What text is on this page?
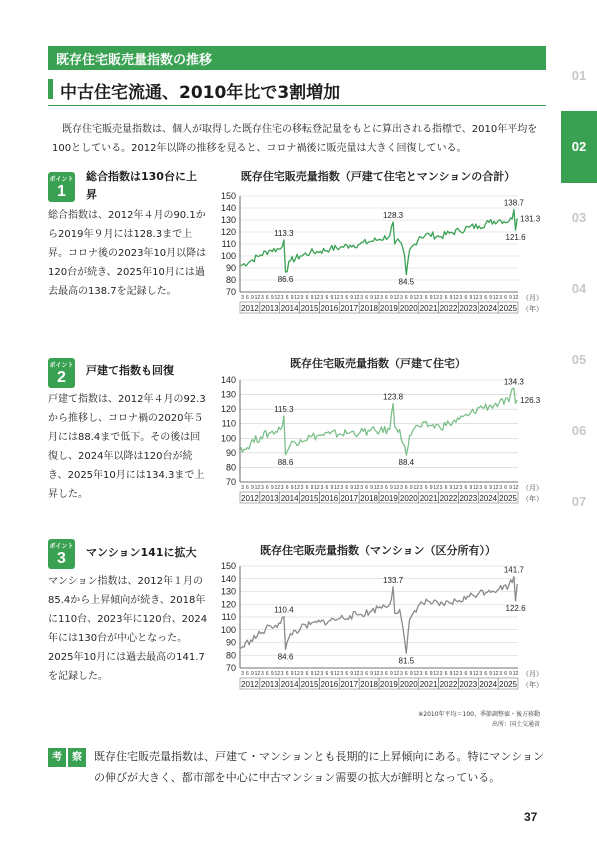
既存住宅販売量指数の推移
中古住宅流通、2010年比で3割増加

既存住宅販売量指数は、個人が取得した既存住宅の移転登記量をもとに算出される指標で、2010年平均を100としている。2012年以降の推移を見ると、コロナ禍後に販売量は大きく回復している。

01
02
03
04
05
06
07
ポイント
1
総合指数は130台に上昇

総合指数は、2012年４月の90.1から2019年９月には128.3まで上昇。コロナ後の2023年10月以降は120台が続き、2025年10月には過去最高の138.7を記録した。

既存住宅販売量指数（戸建て住宅とマンションの合計）
70
80
90
100
110
120
130
140
150
3 6 9 12
2012
3 6 9 12
2013
3 6 9 12
2014
3 6 9 12
2015
3 6 9 12
2016
3 6 9 12
2017
3 6 9 12
2018
3 6 9 12
2019
3 6 9 12
2020
3 6 9 12
2021
3 6 9 12
2022
3 6 9 12
2023
3 6 9 12
2024
3 6 9 12
2025
（月）
（年）
113.3
86.6
128.3
84.5
138.7
131.3
121.6
ポイント
2	戸建て指数も回復

戸建て指数は、2012年４月の92.3から推移し、コロナ禍の2020年５月には88.4まで低下。その後は回復し、2024年以降は120台が続き、2025年10月には134.3まで上昇した。

既存住宅販売量指数（戸建て住宅）
70
80
90
100
110
120
130
140
3 6 9 12
2012
3 6 9 12
2013
3 6 9 12
2014
3 6 9 12
2015
3 6 9 12
2016
3 6 9 12
2017
3 6 9 12
2018
3 6 9 12
2019
3 6 9 12
2020
3 6 9 12
2021
3 6 9 12
2022
3 6 9 12
2023
3 6 9 12
2024
3 6 9 12
2025
（月）
（年）
115.3
88.6
123.8
88.4
134.3
126.3
ポイント
3	マンション141に拡大

マンション指数は、2012年１月の85.4から上昇傾向が続き、2018年に110台、2023年に120台、2024年には130台が中心となった。2025年10月には過去最高の141.7を記録した。

既存住宅販売量指数（マンション（区分所有））
70
80
90
100
110
120
130
140
150
3 6 9 12
2012
3 6 9 12
2013
3 6 9 12
2014
3 6 9 12
2015
3 6 9 12
2016
3 6 9 12
2017
3 6 9 12
2018
3 6 9 12
2019
3 6 9 12
2020
3 6 9 12
2021
3 6 9 12
2022
3 6 9 12
2023
3 6 9 12
2024
3 6 9 12
2025
（月）
（年）
110.4
84.6
133.7
81.5
141.7
122.6
※2010年平均＝100、季節調整値・後方移動
出所：国土交通省
考	察	既存住宅販売量指数は、戸建て・マンションとも長期的に上昇傾向にある。特にマンションの伸びが大きく、都市部を中心に中古マンション需要の拡大が鮮明となっている。

37
